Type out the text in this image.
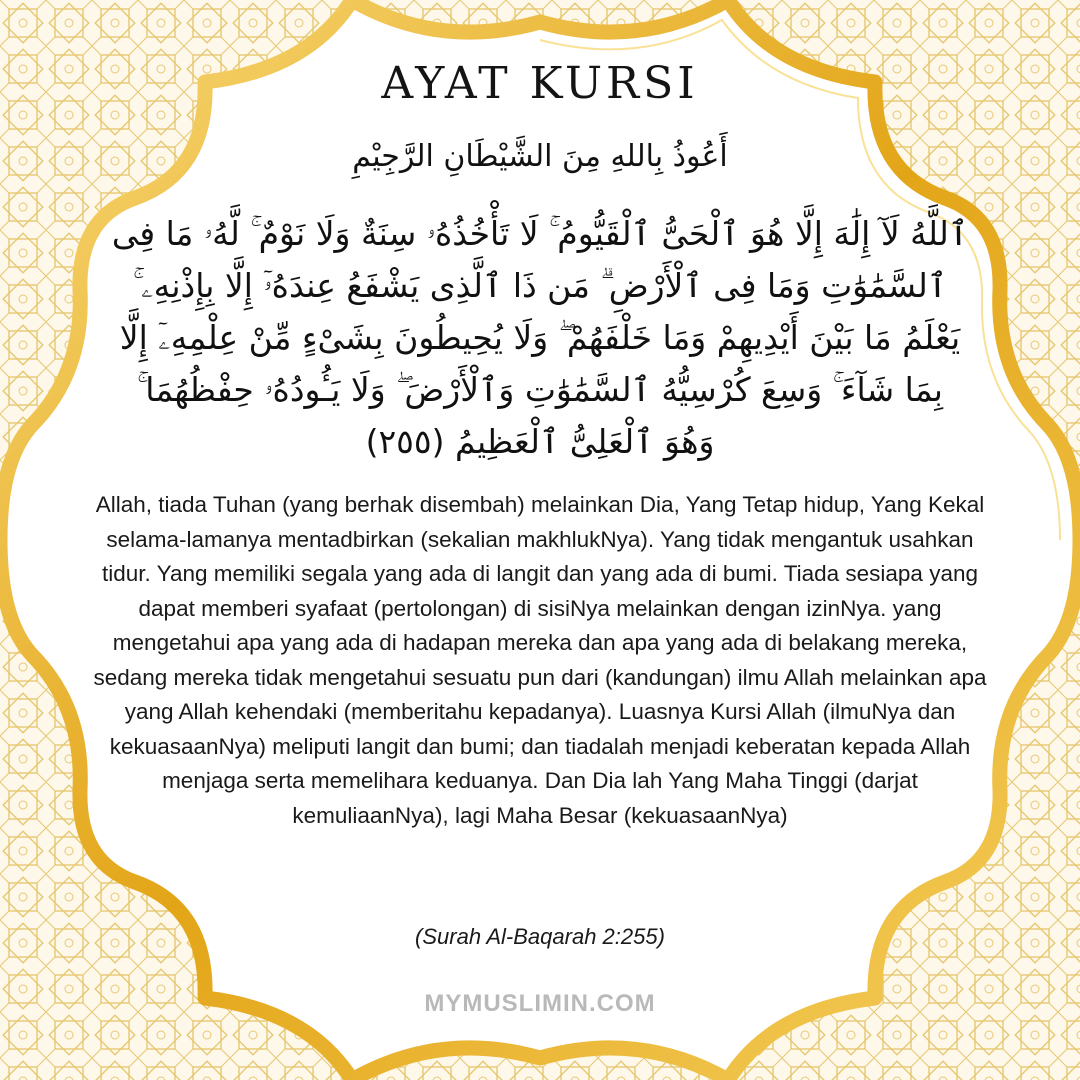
AYAT KURSI
أَعُوذُ بِاللهِ مِنَ الشَّيْطَانِ الرَّجِيْمِ
ٱللَّهُ لَآ إِلَٰهَ إِلَّا هُوَ ٱلْحَىُّ ٱلْقَيُّومُ ۚ لَا تَأْخُذُهُۥ سِنَةٌ وَلَا نَوْمٌ ۚ لَّهُۥ مَا فِى ٱلسَّمَٰوَٰتِ وَمَا فِى ٱلْأَرْضِ ۗ مَن ذَا ٱلَّذِى يَشْفَعُ عِندَهُۥٓ إِلَّا بِإِذْنِهِۦ ۚ يَعْلَمُ مَا بَيْنَ أَيْدِيهِمْ وَمَا خَلْفَهُمْ ۖ وَلَا يُحِيطُونَ بِشَىْءٍ مِّنْ عِلْمِهِۦٓ إِلَّا بِمَا شَآءَ ۚ وَسِعَ كُرْسِيُّهُ ٱلسَّمَٰوَٰتِ وَٱلْأَرْضَ ۖ وَلَا يَـُٔودُهُۥ حِفْظُهُمَا ۚ وَهُوَ ٱلْعَلِىُّ ٱلْعَظِيمُ (٢٥٥)
Allah, tiada Tuhan (yang berhak disembah) melainkan Dia, Yang Tetap hidup, Yang Kekal selama-lamanya mentadbirkan (sekalian makhlukNya). Yang tidak mengantuk usahkan tidur. Yang memiliki segala yang ada di langit dan yang ada di bumi. Tiada sesiapa yang dapat memberi syafaat (pertolongan) di sisiNya melainkan dengan izinNya. yang mengetahui apa yang ada di hadapan mereka dan apa yang ada di belakang mereka, sedang mereka tidak mengetahui sesuatu pun dari (kandungan) ilmu Allah melainkan apa yang Allah kehendaki (memberitahu kepadanya). Luasnya Kursi Allah (ilmuNya dan kekuasaanNya) meliputi langit dan bumi; dan tiadalah menjadi keberatan kepada Allah menjaga serta memelihara keduanya. Dan Dia lah Yang Maha Tinggi (darjat kemuliaanNya), lagi Maha Besar (kekuasaanNya)
(Surah Al-Baqarah 2:255)
MYMUSLIMIN.COM
